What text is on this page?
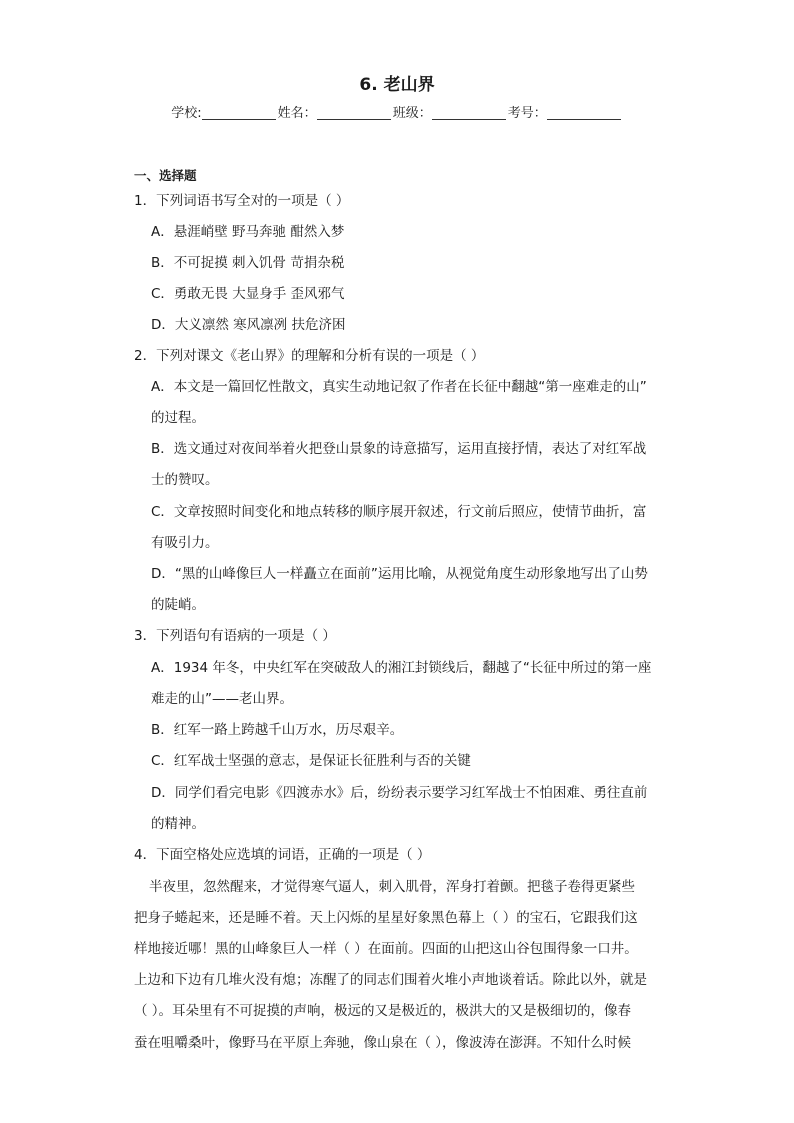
6. 老山界
学校:	姓名：	班级：	考号：
一、选择题
1．下列词语书写全对的一项是（ ）
A．悬涯峭壁 野马奔驰 酣然入梦
B．不可捉摸 刺入饥骨 苛捐杂税
C．勇敢无畏 大显身手 歪风邪气
D．大义凛然 寒风凛冽 扶危济困
2．下列对课文《老山界》的理解和分析有误的一项是（ ）
A．本文是一篇回忆性散文，真实生动地记叙了作者在长征中翻越“第一座难走的山”
的过程。
B．选文通过对夜间举着火把登山景象的诗意描写，运用直接抒情，表达了对红军战
士的赞叹。
C．文章按照时间变化和地点转移的顺序展开叙述，行文前后照应，使情节曲折，富
有吸引力。
D．“黑的山峰像巨人一样矗立在面前”运用比喻，从视觉角度生动形象地写出了山势
的陡峭。
3．下列语句有语病的一项是（ ）
A．1934 年冬，中央红军在突破敌人的湘江封锁线后，翻越了“长征中所过的第一座
难走的山”——老山界。
B．红军一路上跨越千山万水，历尽艰辛。
C．红军战士坚强的意志，是保证长征胜利与否的关键
D．同学们看完电影《四渡赤水》后，纷纷表示要学习红军战士不怕困难、勇往直前
的精神。
4．下面空格处应选填的词语，正确的一项是（ ）
半夜里，忽然醒来，才觉得寒气逼人，刺入肌骨，浑身打着颤。把毯子卷得更紧些
把身子蜷起来，还是睡不着。天上闪烁的星星好象黑色幕上（ ）的宝石，它跟我们这
样地接近哪！黑的山峰象巨人一样（ ）在面前。四面的山把这山谷包围得象一口井。
上边和下边有几堆火没有熄；冻醒了的同志们围着火堆小声地谈着话。除此以外，就是
（ ）。耳朵里有不可捉摸的声响，极远的又是极近的，极洪大的又是极细切的，像春
蚕在咀嚼桑叶，像野马在平原上奔驰，像山泉在（ ），像波涛在澎湃。不知什么时候
